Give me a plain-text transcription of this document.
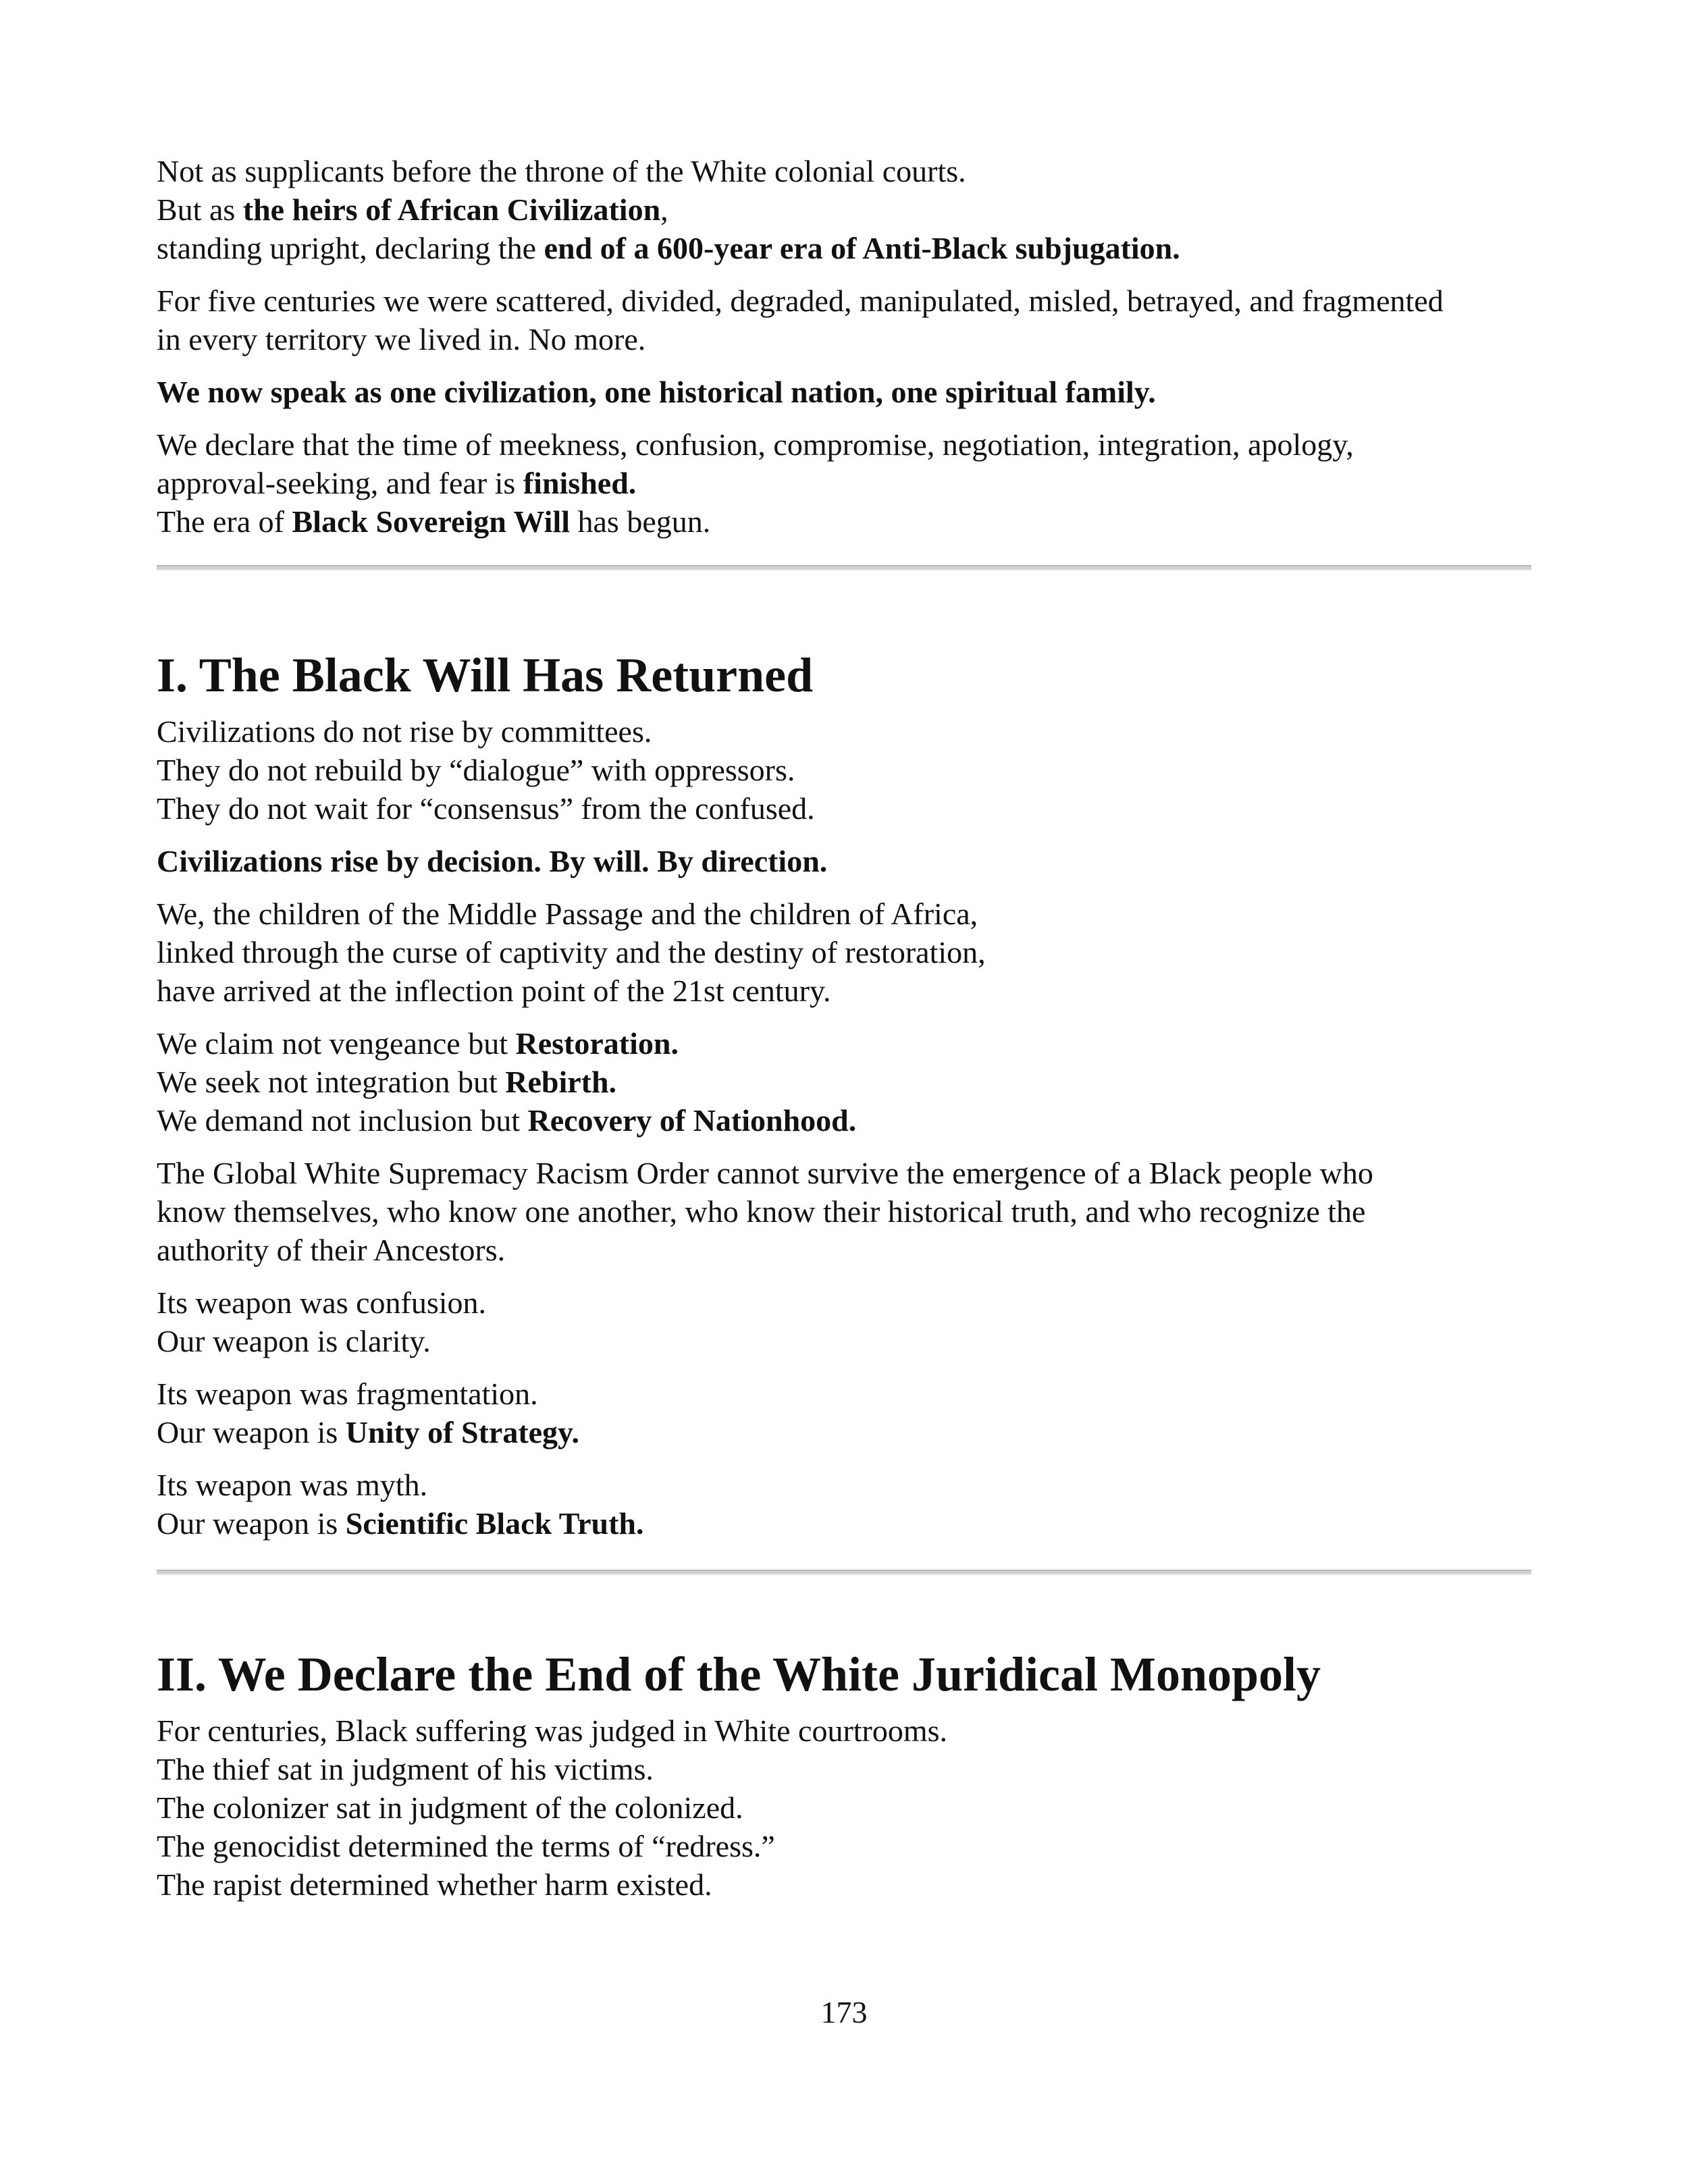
Not as supplicants before the throne of the White colonial courts.
But as the heirs of African Civilization,
standing upright, declaring the end of a 600-year era of Anti-Black subjugation.

For five centuries we were scattered, divided, degraded, manipulated, misled, betrayed, and fragmented
in every territory we lived in. No more.

We now speak as one civilization, one historical nation, one spiritual family.

We declare that the time of meekness, confusion, compromise, negotiation, integration, apology,
approval-seeking, and fear is finished.
The era of Black Sovereign Will has begun.

I. The Black Will Has Returned

Civilizations do not rise by committees.
They do not rebuild by “dialogue” with oppressors.
They do not wait for “consensus” from the confused.

Civilizations rise by decision. By will. By direction.

We, the children of the Middle Passage and the children of Africa,
linked through the curse of captivity and the destiny of restoration,
have arrived at the inflection point of the 21st century.

We claim not vengeance but Restoration.
We seek not integration but Rebirth.
We demand not inclusion but Recovery of Nationhood.

The Global White Supremacy Racism Order cannot survive the emergence of a Black people who
know themselves, who know one another, who know their historical truth, and who recognize the
authority of their Ancestors.

Its weapon was confusion.
Our weapon is clarity.

Its weapon was fragmentation.
Our weapon is Unity of Strategy.

Its weapon was myth.
Our weapon is Scientific Black Truth.

II. We Declare the End of the White Juridical Monopoly

For centuries, Black suffering was judged in White courtrooms.
The thief sat in judgment of his victims.
The colonizer sat in judgment of the colonized.
The genocidist determined the terms of “redress.”
The rapist determined whether harm existed.

173
